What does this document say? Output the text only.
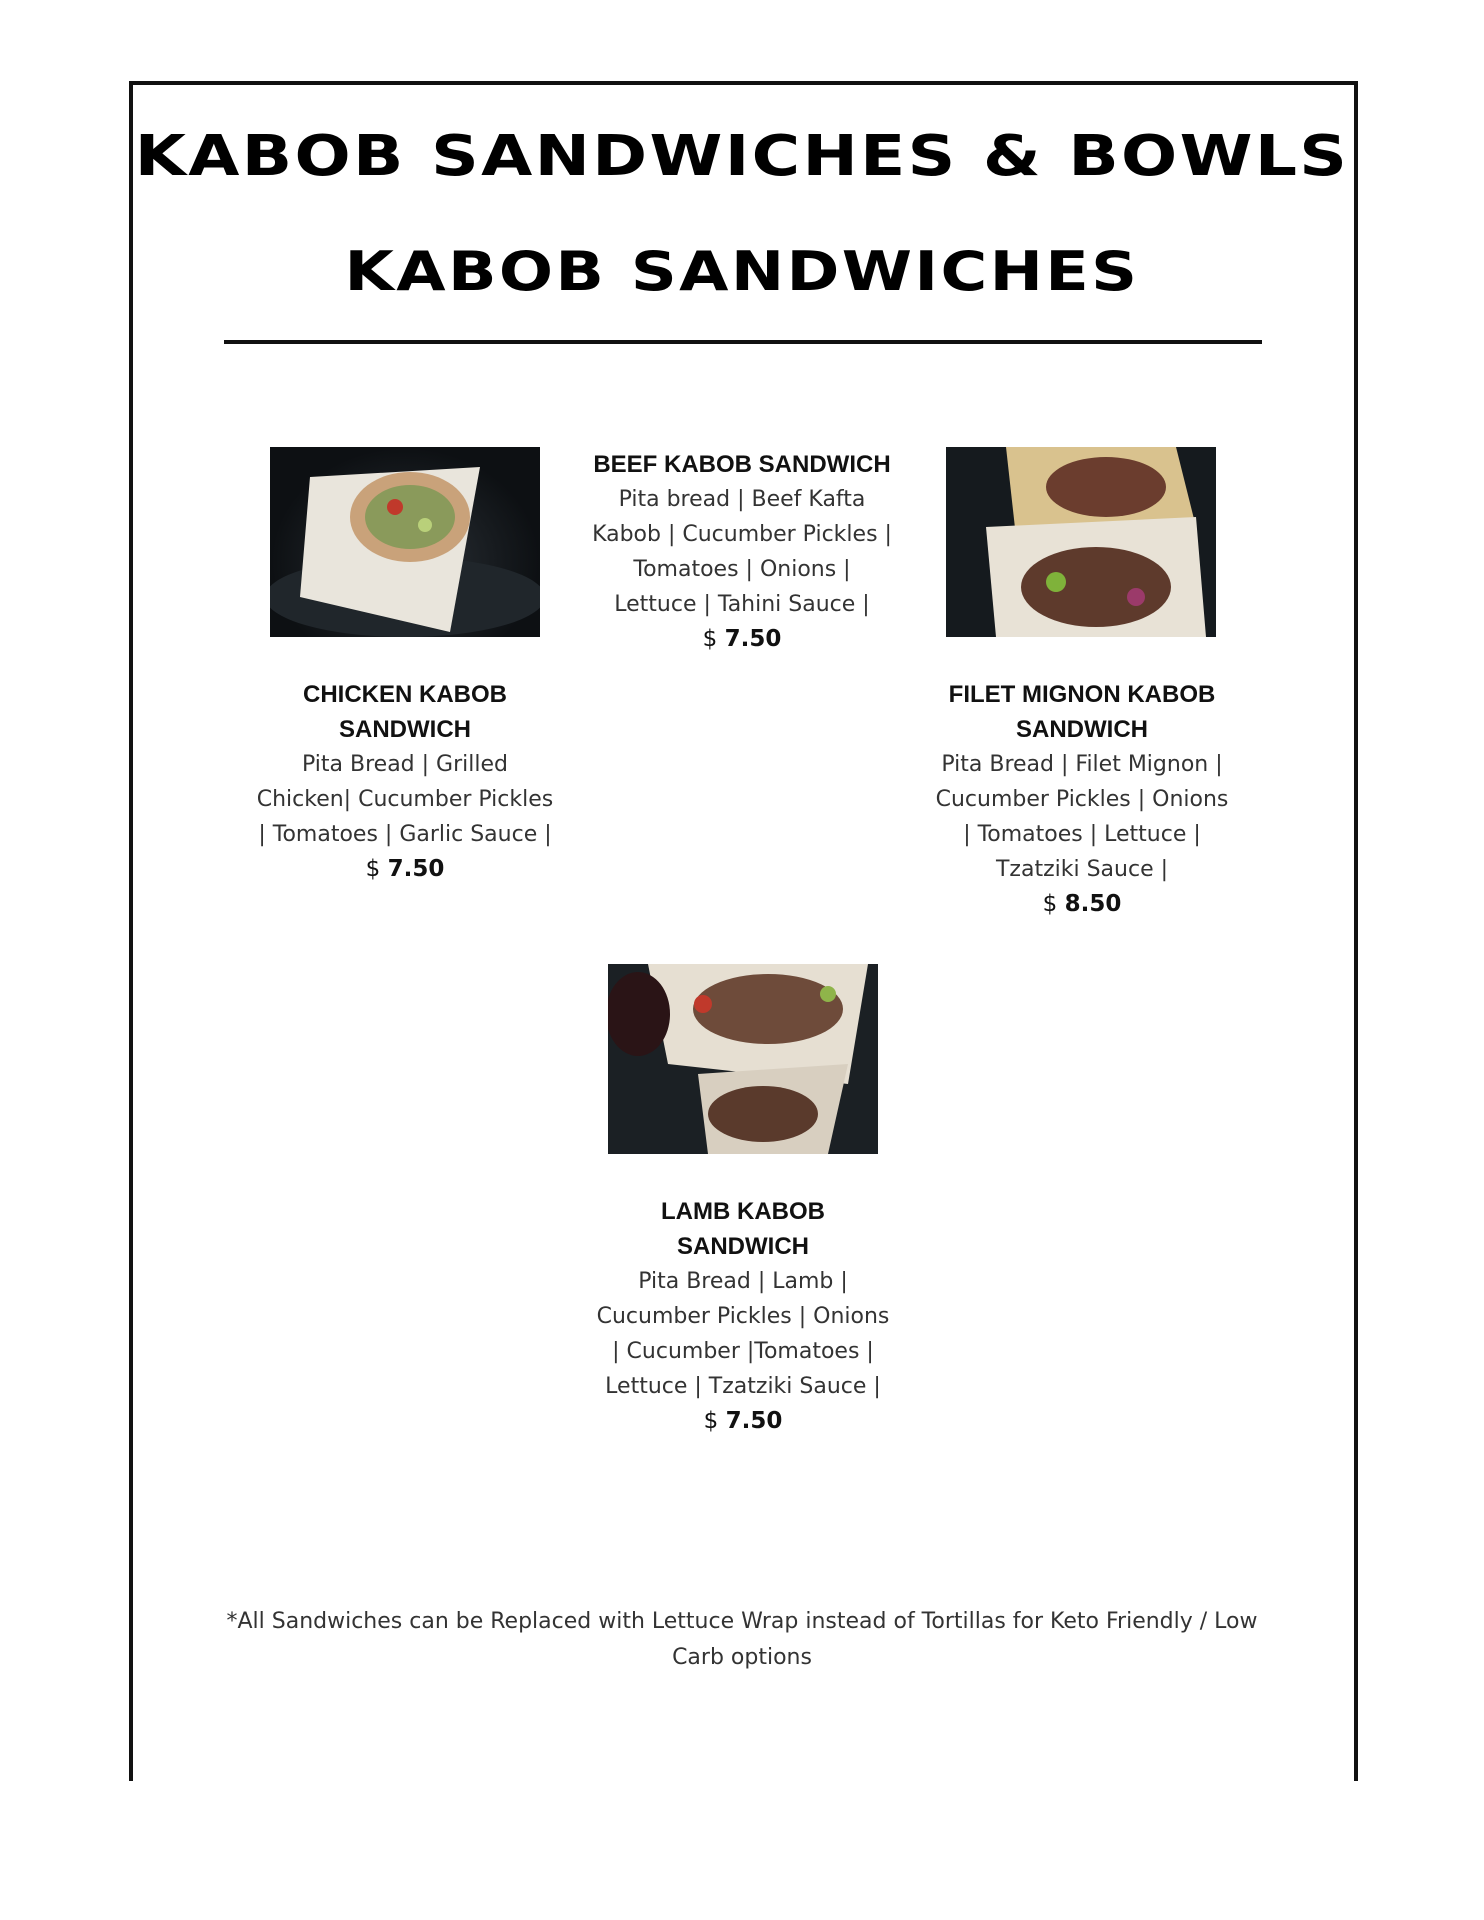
KABOB SANDWICHES & BOWLS
KABOB SANDWICHES

CHICKEN KABOB SANDWICH

Pita Bread | Grilled Chicken| Cucumber Pickles | Tomatoes | Garlic Sauce |

$ 7.50

BEEF KABOB SANDWICH

Pita bread | Beef Kafta Kabob | Cucumber Pickles | Tomatoes | Onions | Lettuce | Tahini Sauce |

$ 7.50

FILET MIGNON KABOB SANDWICH

Pita Bread | Filet Mignon | Cucumber Pickles | Onions | Tomatoes | Lettuce | Tzatziki Sauce |

$ 8.50

LAMB KABOB SANDWICH

Pita Bread | Lamb | Cucumber Pickles | Onions | Cucumber |Tomatoes | Lettuce | Tzatziki Sauce |

$ 7.50
*All Sandwiches can be Replaced with Lettuce Wrap instead of Tortillas for Keto Friendly / Low Carb options
